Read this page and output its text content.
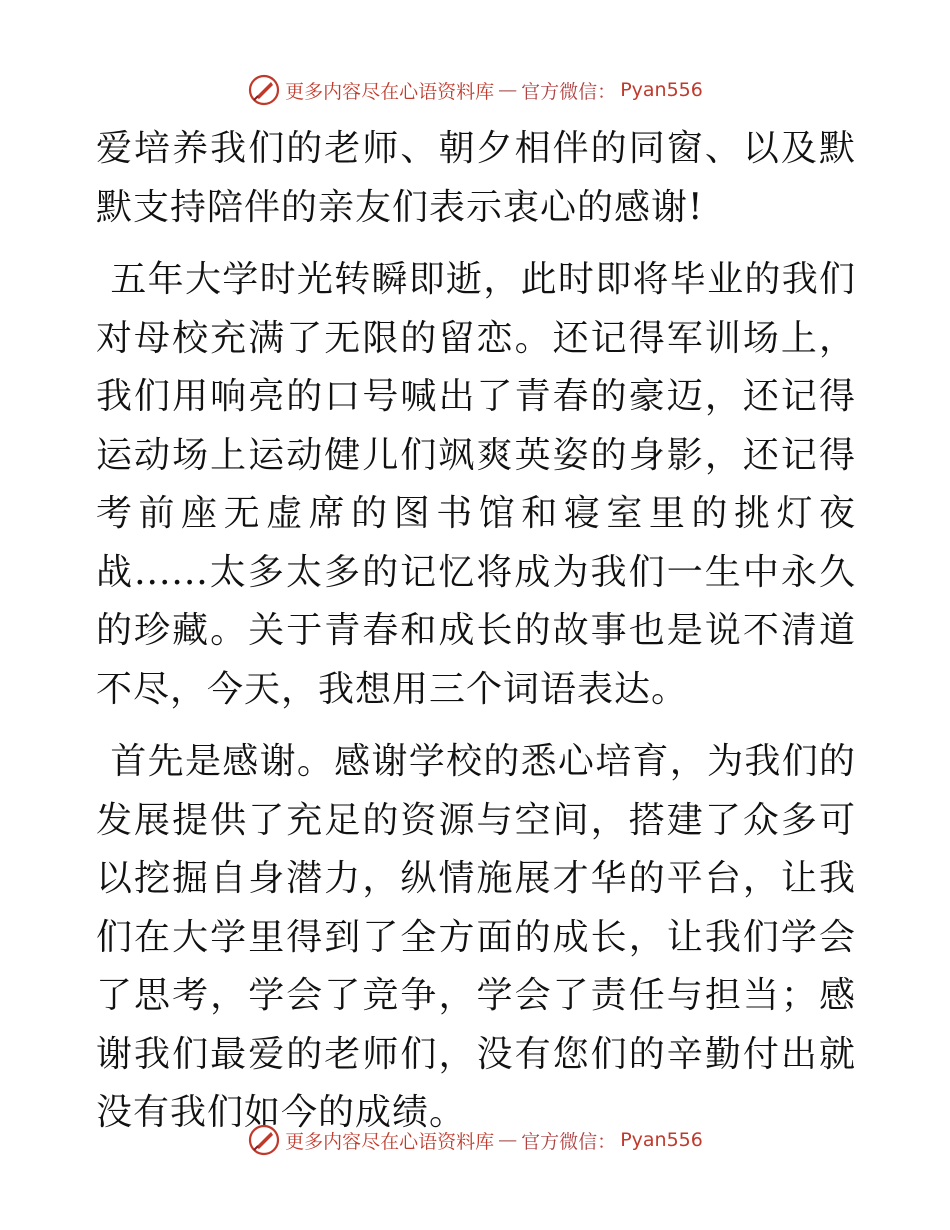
更多内容尽在心语资料库 — 官方微信： Pyan556

爱培养我们的老师、朝夕相伴的同窗、以及默默支持陪伴的亲友们表示衷心的感谢!

五年大学时光转瞬即逝，此时即将毕业的我们对母校充满了无限的留恋。还记得军训场上，我们用响亮的口号喊出了青春的豪迈，还记得运动场上运动健儿们飒爽英姿的身影，还记得考前座无虚席的图书馆和寝室里的挑灯夜战......太多太多的记忆将成为我们一生中永久的珍藏。关于青春和成长的故事也是说不清道不尽，今天，我想用三个词语表达。

首先是感谢。感谢学校的悉心培育，为我们的发展提供了充足的资源与空间，搭建了众多可以挖掘自身潜力，纵情施展才华的平台，让我们在大学里得到了全方面的成长，让我们学会了思考，学会了竞争，学会了责任与担当；感谢我们最爱的老师们，没有您们的辛勤付出就没有我们如今的成绩。

更多内容尽在心语资料库 — 官方微信： Pyan556
